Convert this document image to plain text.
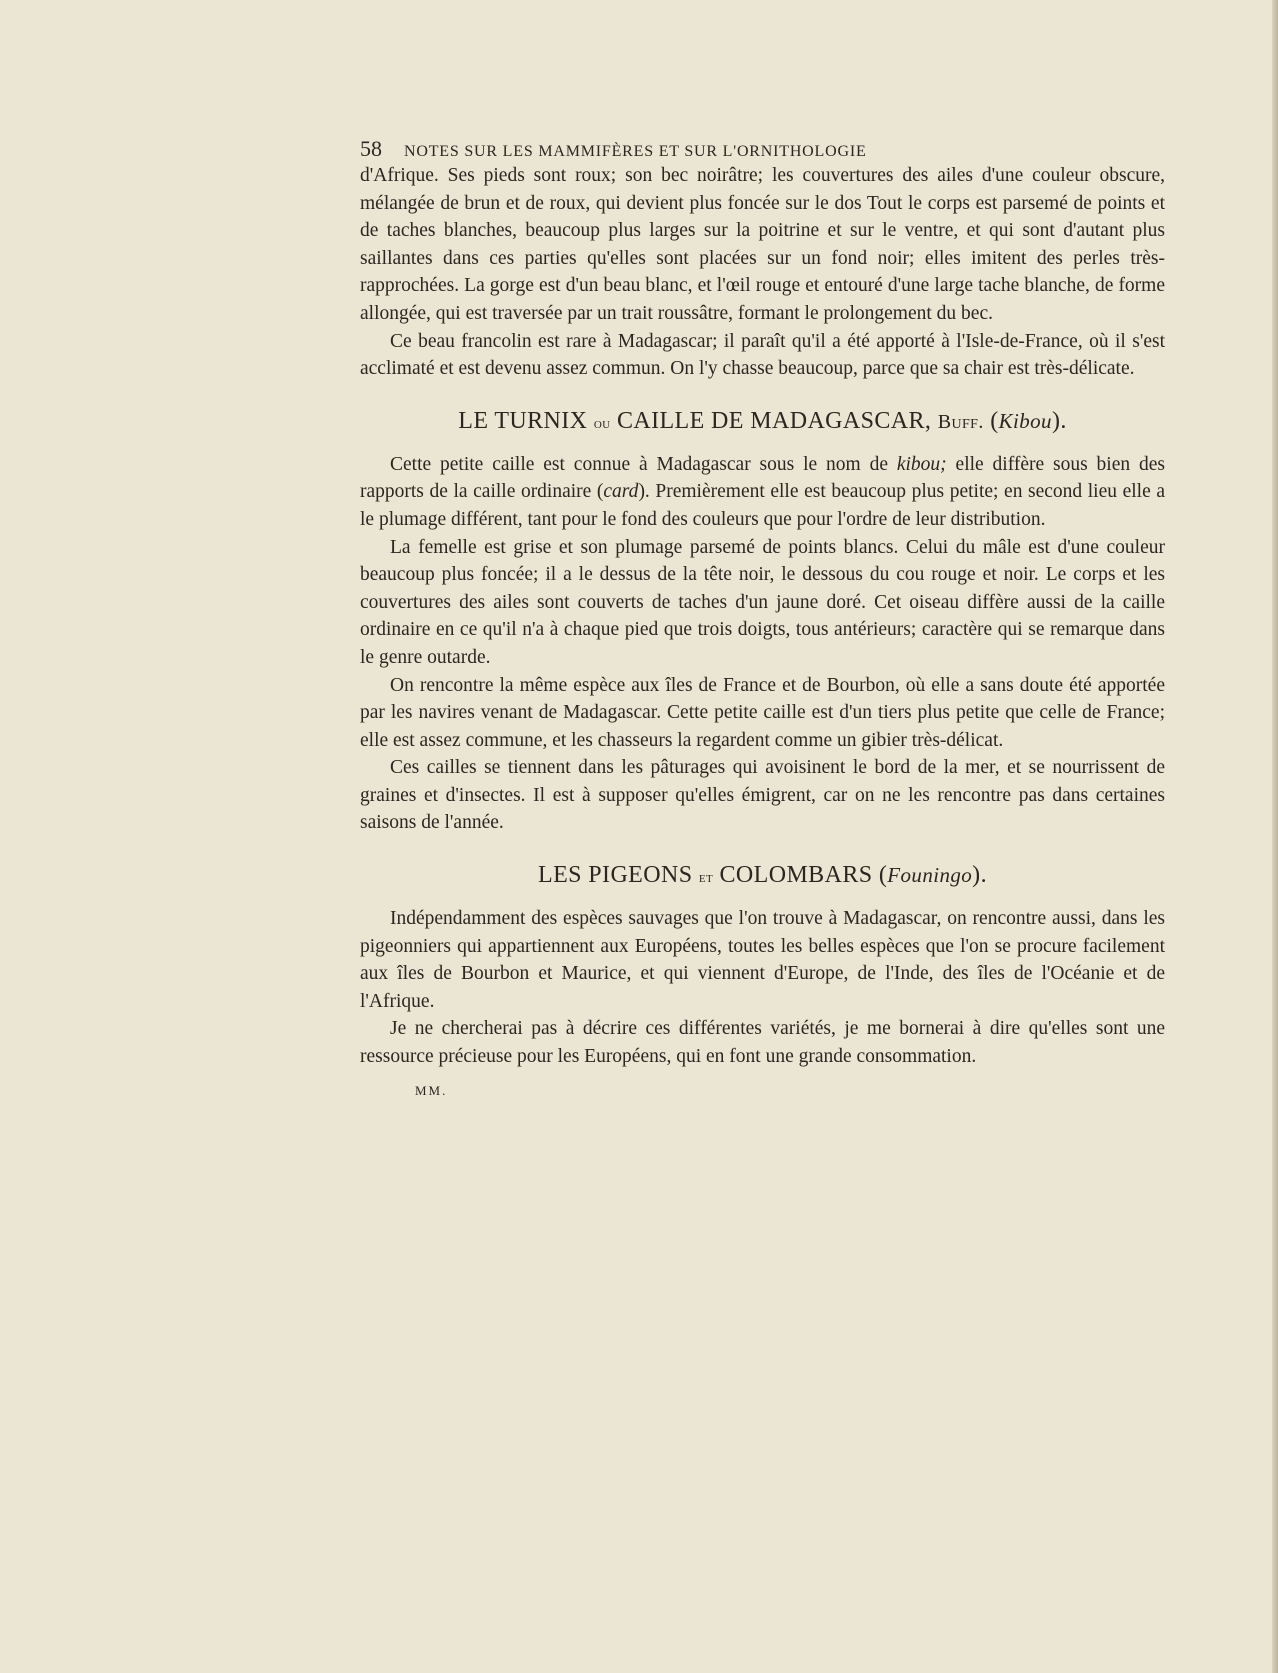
58 NOTES SUR LES MAMMIFÈRES ET SUR L'ORNITHOLOGIE

d'Afrique. Ses pieds sont roux; son bec noirâtre; les couvertures des ailes d'une couleur obscure, mélangée de brun et de roux, qui devient plus foncée sur le dos Tout le corps est parsemé de points et de taches blanches, beaucoup plus larges sur la poitrine et sur le ventre, et qui sont d'autant plus saillantes dans ces parties qu'elles sont placées sur un fond noir; elles imitent des perles très-rapprochées. La gorge est d'un beau blanc, et l'œil rouge et entouré d'une large tache blanche, de forme allongée, qui est traversée par un trait roussâtre, formant le prolongement du bec.

Ce beau francolin est rare à Madagascar; il paraît qu'il a été apporté à l'Isle-de-France, où il s'est acclimaté et est devenu assez commun. On l'y chasse beaucoup, parce que sa chair est très-délicate.

LE TURNIX ou CAILLE DE MADAGASCAR, Buff. (Kibou).

Cette petite caille est connue à Madagascar sous le nom de kibou; elle diffère sous bien des rapports de la caille ordinaire (card). Premièrement elle est beaucoup plus petite; en second lieu elle a le plumage différent, tant pour le fond des couleurs que pour l'ordre de leur distribution.

La femelle est grise et son plumage parsemé de points blancs. Celui du mâle est d'une couleur beaucoup plus foncée; il a le dessus de la tête noir, le dessous du cou rouge et noir. Le corps et les couvertures des ailes sont couverts de taches d'un jaune doré. Cet oiseau diffère aussi de la caille ordinaire en ce qu'il n'a à chaque pied que trois doigts, tous antérieurs; caractère qui se remarque dans le genre outarde.

On rencontre la même espèce aux îles de France et de Bourbon, où elle a sans doute été apportée par les navires venant de Madagascar. Cette petite caille est d'un tiers plus petite que celle de France; elle est assez commune, et les chasseurs la regardent comme un gibier très-délicat.

Ces cailles se tiennent dans les pâturages qui avoisinent le bord de la mer, et se nourrissent de graines et d'insectes. Il est à supposer qu'elles émigrent, car on ne les rencontre pas dans certaines saisons de l'année.

LES PIGEONS et COLOMBARS (Founingo).

Indépendamment des espèces sauvages que l'on trouve à Madagascar, on rencontre aussi, dans les pigeonniers qui appartiennent aux Européens, toutes les belles espèces que l'on se procure facilement aux îles de Bourbon et Maurice, et qui viennent d'Europe, de l'Inde, des îles de l'Océanie et de l'Afrique.

Je ne chercherai pas à décrire ces différentes variétés, je me bornerai à dire qu'elles sont une ressource précieuse pour les Européens, qui en font une grande consommation.

MM.
